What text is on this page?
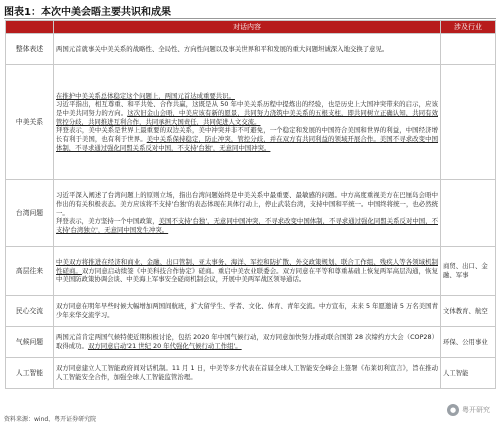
图表1：本次中美会晤主要共识和成果
	对话内容	涉及行业
整体表述	两国元首就事关中美关系的战略性、全局性、方向性问题以及事关世界和平和发展的重大问题坦诚深入地交换了意见。	

中美关系	在推护中美关系总体稳定这个问题上，两国元首达成重要共识。

习近平指出，相互尊重、和平共处、合作共赢，这既是从 50 年中美关系历程中提炼出的经验，也是历史上大国冲突带来的启示，应该是中美共同努力的方向。这次旧金山会晤，中美应该有新的愿景，共同努力浇筑中美关系的五根支柱，即共同树立正确认知，共同有效管控分歧，共同推进互利合作，共同承担大国责任，共同促进人文交流。

拜登表示，美中关系是世界上最重要的双边关系，美中冲突并非不可避免，一个稳定和发展的中国符合美国和世界的利益，中国经济增长有利于美国，也有利于世界。美中关系保持稳定，防止冲突，管控分歧，并在双方有共同利益的领域开展合作。美国不寻求改变中国体制，不寻求通过强化同盟关系反对中国，不支持'台独'，无意同中国冲突。	

台湾问题	习近平深入阐述了台湾问题上的原则立场，指出台湾问题始终是中美关系中最重要、最敏感的问题。中方高度重视美方在巴厘岛会晤中作出的有关积极表态。美方应该将不支持'台独'的表态体现在具体行动上，停止武装台湾，支持中国和平统一。中国终将统一，也必然统一。

拜登表示，美方坚持一个中国政策，美国不支持'台独'，无意同中国冲突，不寻求改变中国体制，不寻求通过强化同盟关系反对中国，不支持'台湾独立'，无意同中国发生冲突。	

高层往来	中美双方将推进在经济和商业、金融、出口管制、亚太事务、海洋、军控和防扩散、外交政策规划、联合工作组、残疾人等各领域机制性磋商。双方同意启动续签《中美科技合作协定》磋商。重启中美农业联委会。双方同意在平等和尊重基础上恢复两军高层沟通，恢复中美国防政策协调会谈、中美海上军事安全磋商机制会议，开展中美两军战区领导通话。	商贸、出口、金融、军事
民心交流	双方同意在明年早些时候大幅增加两国间航班，扩大留学生、学者、文化、体育、青年交流。中方宣布，未来 5 年愿邀请 5 万名美国青少年来华交流学习。	文体教育、航空
气候问题	两国元首肯定两国气候特使近期积极讨论，包括 2020 年中国气候行动，双方同意加快努力推动联合国第 28 次缔约方大会（COP28）取得成功。双方同意启动'21 世纪 20 年代强化气候行动工作组'。	环保、公用事业
人工智能	双方同意建立人工智能政府间对话机制。11 月 1 日，中美等多方代表在首届全球人工智能安全峰会上签署《布莱切利宣言》，旨在推动人工智能安全合作，加强全球人工智能监管治理。	人工智能
资料来源：wind、粤开证券研究院
● 粤开研究
